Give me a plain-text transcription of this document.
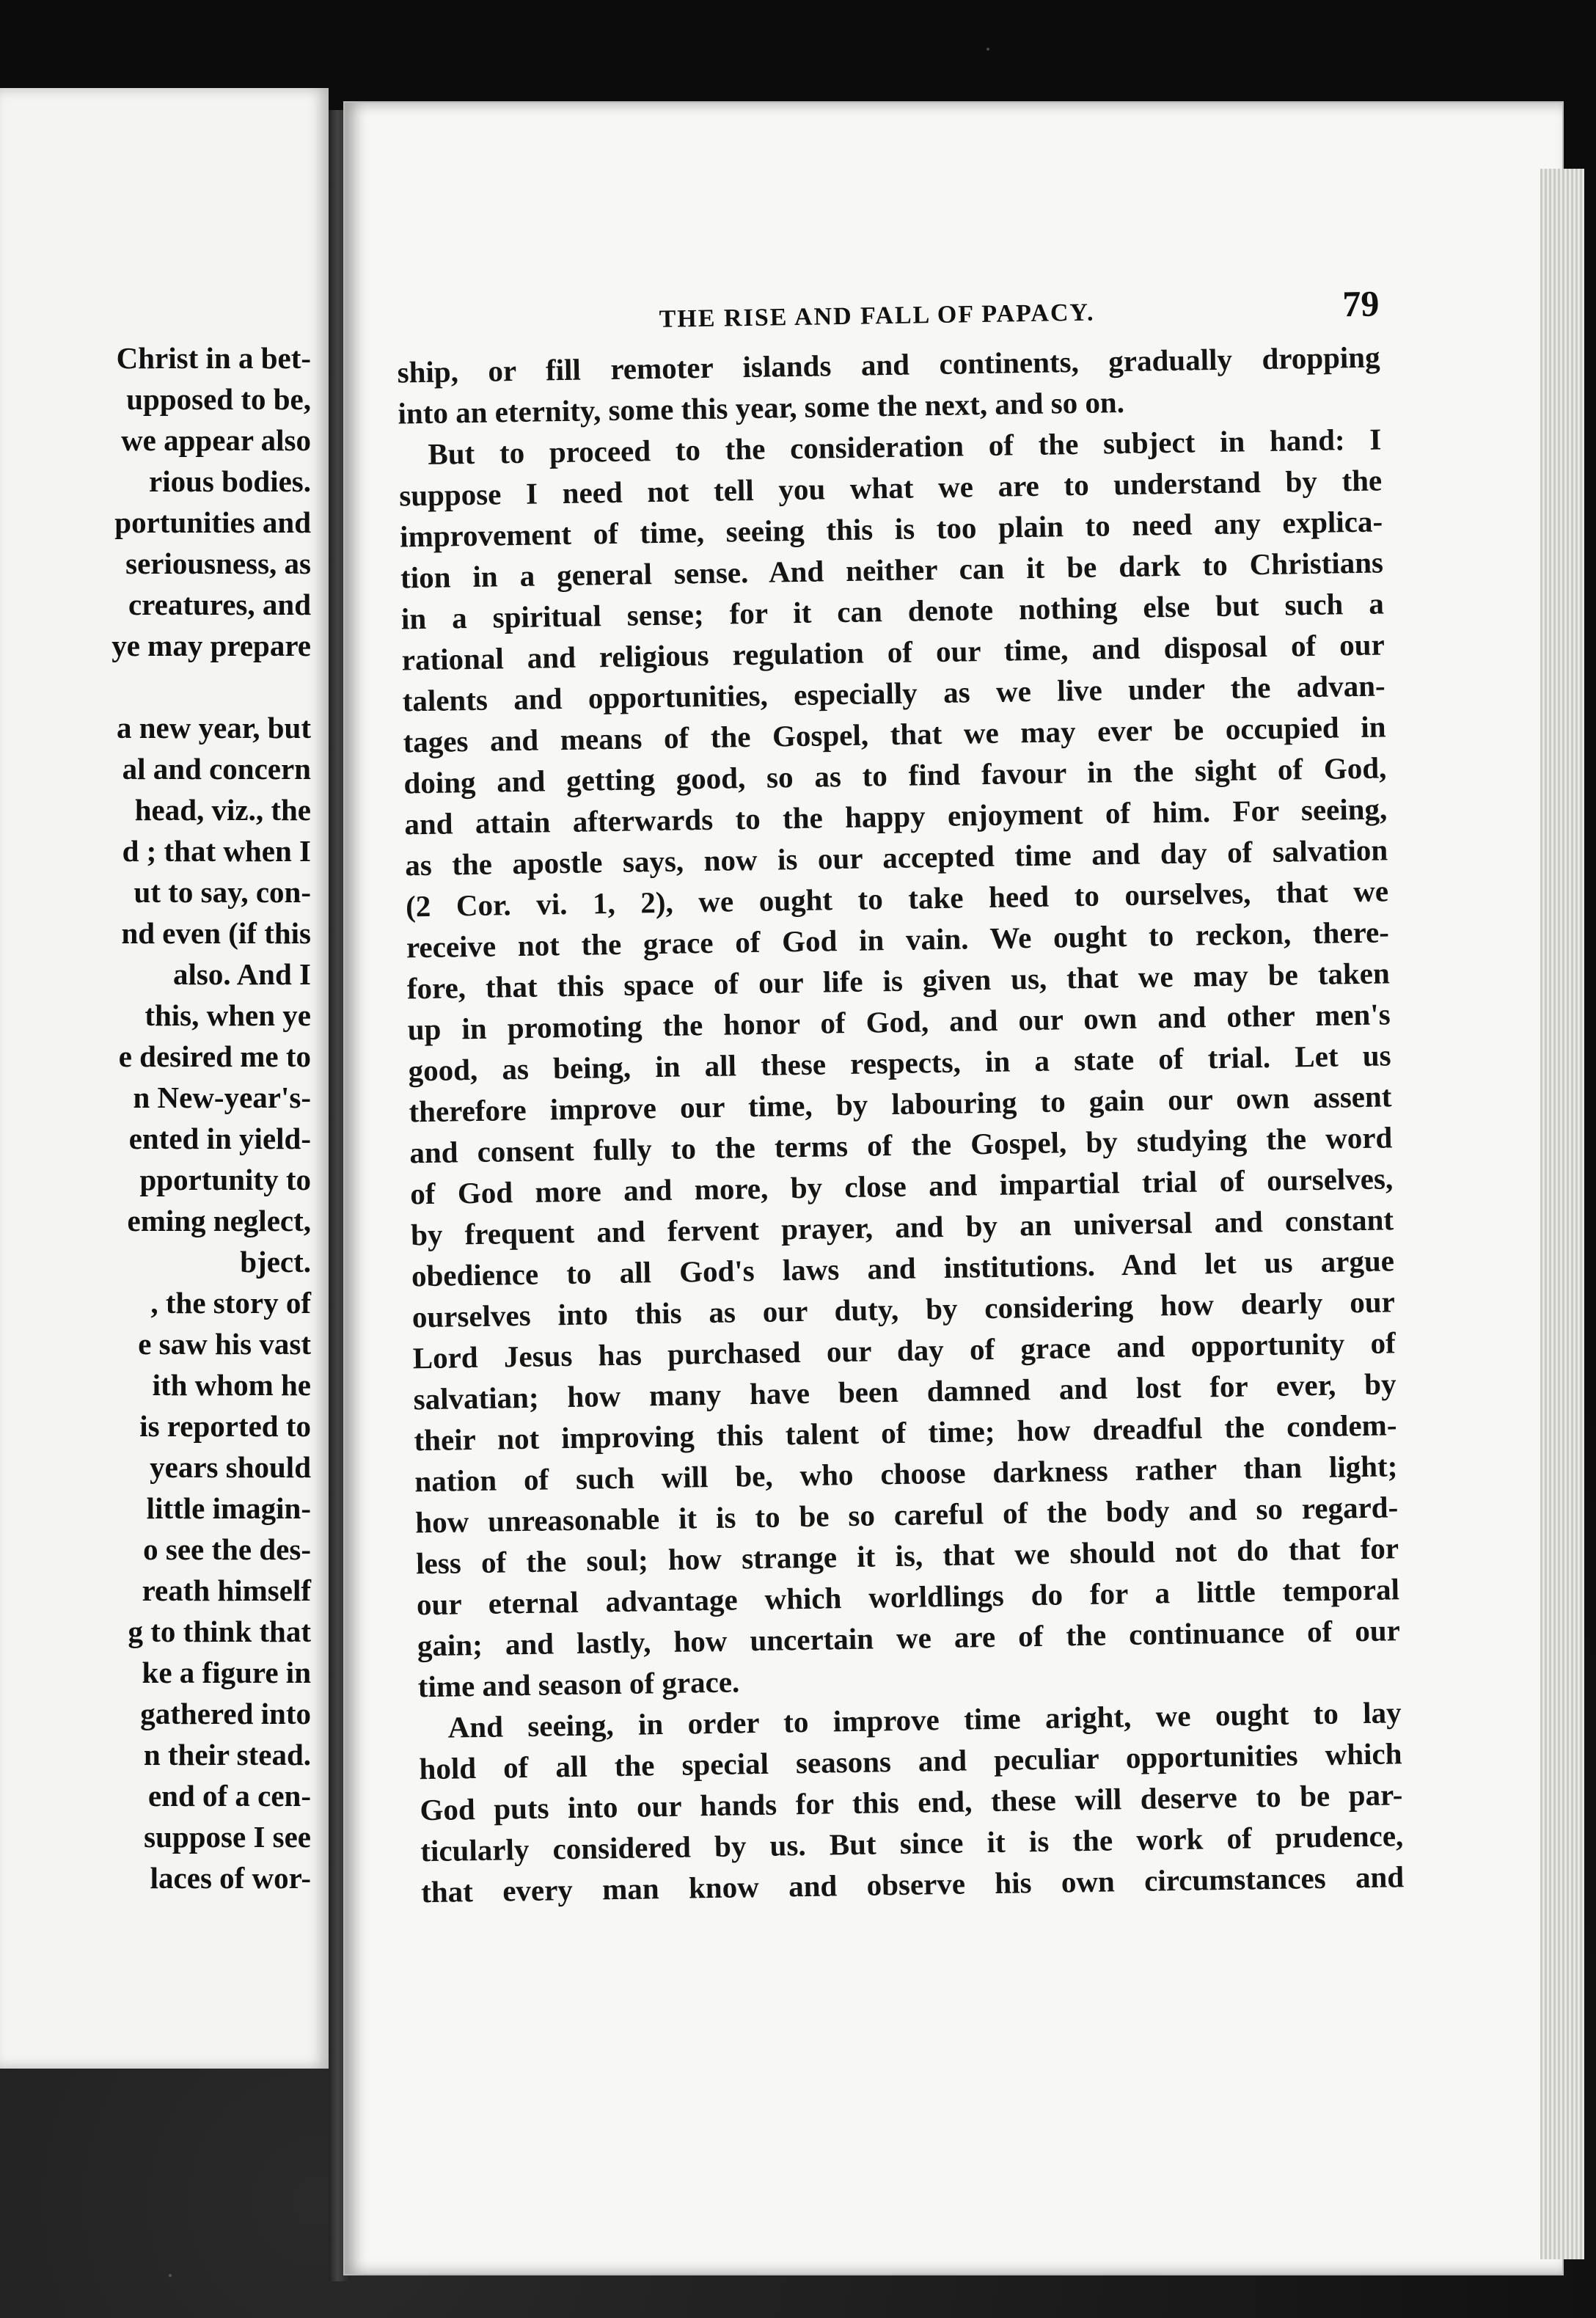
Christ in a bet-
upposed to be,
we appear also
rious bodies.
portunities and
seriousness, as
creatures, and
ye may prepare
a new year, but
al and concern
head, viz., the
d ; that when I
ut to say, con-
nd even (if this
also. And I
this, when ye
e desired me to
n New-year's-
ented in yield-
pportunity to
eming neglect,
bject.
, the story of
e saw his vast
ith whom he
is reported to
years should
little imagin-
o see the des-
reath himself
g to think that
ke a figure in
gathered into
n their stead.
end of a cen-
suppose I see
laces of wor-
THE RISE AND FALL OF PAPACY.	79
ship, or fill remoter islands and continents, gradually dropping
into an eternity, some this year, some the next, and so on.
But to proceed to the consideration of the subject in hand: I
suppose I need not tell you what we are to understand by the
improvement of time, seeing this is too plain to need any explica-
tion in a general sense. And neither can it be dark to Christians
in a spiritual sense; for it can denote nothing else but such a
rational and religious regulation of our time, and disposal of our
talents and opportunities, especially as we live under the advan-
tages and means of the Gospel, that we may ever be occupied in
doing and getting good, so as to find favour in the sight of God,
and attain afterwards to the happy enjoyment of him. For seeing,
as the apostle says, now is our accepted time and day of salvation
(2 Cor. vi. 1, 2), we ought to take heed to ourselves, that we
receive not the grace of God in vain. We ought to reckon, there-
fore, that this space of our life is given us, that we may be taken
up in promoting the honor of God, and our own and other men's
good, as being, in all these respects, in a state of trial. Let us
therefore improve our time, by labouring to gain our own assent
and consent fully to the terms of the Gospel, by studying the word
of God more and more, by close and impartial trial of ourselves,
by frequent and fervent prayer, and by an universal and constant
obedience to all God's laws and institutions. And let us argue
ourselves into this as our duty, by considering how dearly our
Lord Jesus has purchased our day of grace and opportunity of
salvatian; how many have been damned and lost for ever, by
their not improving this talent of time; how dreadful the condem-
nation of such will be, who choose darkness rather than light;
how unreasonable it is to be so careful of the body and so regard-
less of the soul; how strange it is, that we should not do that for
our eternal advantage which worldlings do for a little temporal
gain; and lastly, how uncertain we are of the continuance of our
time and season of grace.
And seeing, in order to improve time aright, we ought to lay
hold of all the special seasons and peculiar opportunities which
God puts into our hands for this end, these will deserve to be par-
ticularly considered by us. But since it is the work of prudence,
that every man know and observe his own circumstances and
